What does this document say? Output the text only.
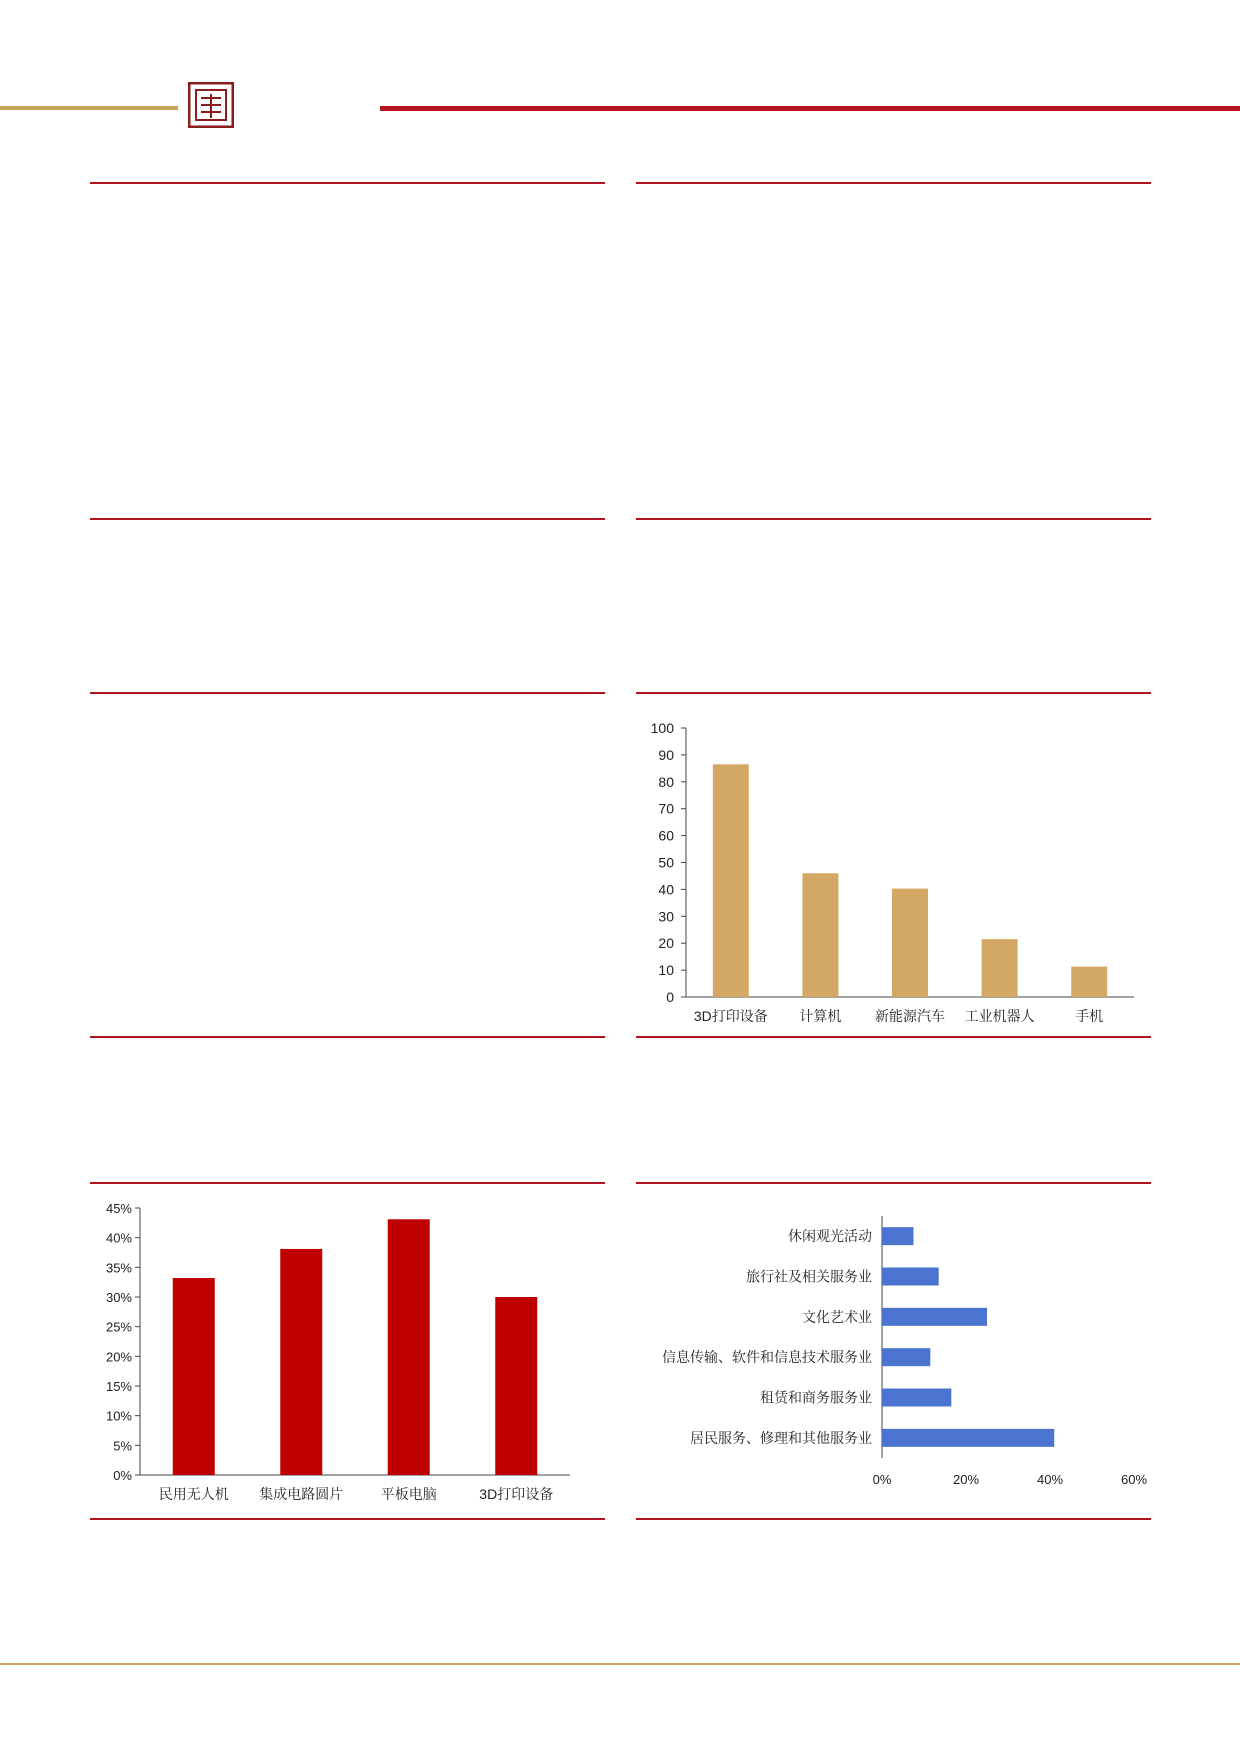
0
10
20
30
40
50
60
70
80
90
100
3D打印设备 计算机 新能源汽车 工业机器人	手机
0%
5%
10%
15%
20%
25%
30%
35%
40%
45%
民用无人机 集成电路圆片	平板电脑	3D打印设备
0%	20%	40%	60%
休闲观光活动
旅行社及相关服务业
文化艺术业
信息传输、软件和信息技术服务业
租赁和商务服务业
居民服务、修理和其他服务业
